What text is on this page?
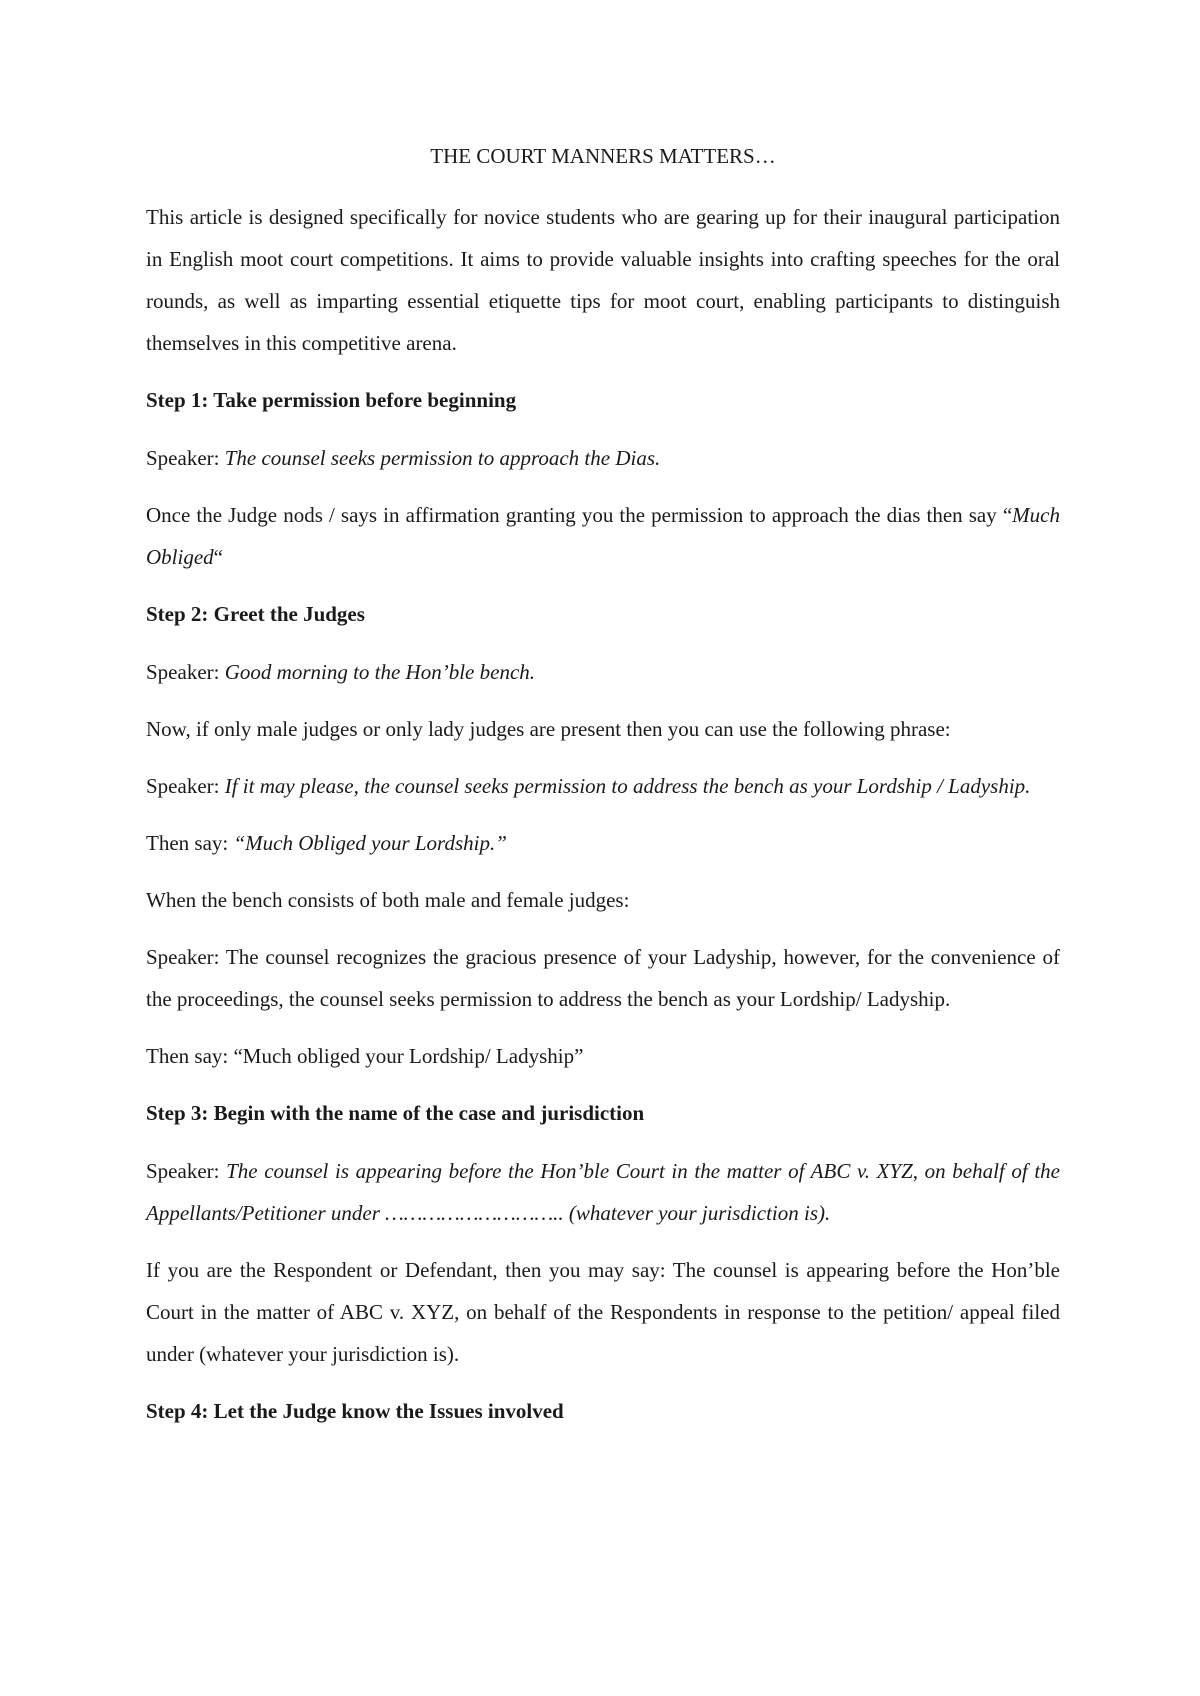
THE COURT MANNERS MATTERS…

This article is designed specifically for novice students who are gearing up for their inaugural participation in English moot court competitions. It aims to provide valuable insights into crafting speeches for the oral rounds, as well as imparting essential etiquette tips for moot court, enabling participants to distinguish themselves in this competitive arena.

Step 1: Take permission before beginning

Speaker: The counsel seeks permission to approach the Dias.

Once the Judge nods / says in affirmation granting you the permission to approach the dias then say “Much Obliged“

Step 2: Greet the Judges

Speaker: Good morning to the Hon’ble bench.

Now, if only male judges or only lady judges are present then you can use the following phrase:

Speaker: If it may please, the counsel seeks permission to address the bench as your Lordship / Ladyship.

Then say: “Much Obliged your Lordship.”

When the bench consists of both male and female judges:

Speaker: The counsel recognizes the gracious presence of your Ladyship, however, for the convenience of the proceedings, the counsel seeks permission to address the bench as your Lordship/ Ladyship.

Then say: “Much obliged your Lordship/ Ladyship”

Step 3: Begin with the name of the case and jurisdiction

Speaker: The counsel is appearing before the Hon’ble Court in the matter of ABC v. XYZ, on behalf of the Appellants/Petitioner under ……………………….. (whatever your jurisdiction is).

If you are the Respondent or Defendant, then you may say: The counsel is appearing before the Hon’ble Court in the matter of ABC v. XYZ, on behalf of the Respondents in response to the petition/ appeal filed under (whatever your jurisdiction is).

Step 4: Let the Judge know the Issues involved
